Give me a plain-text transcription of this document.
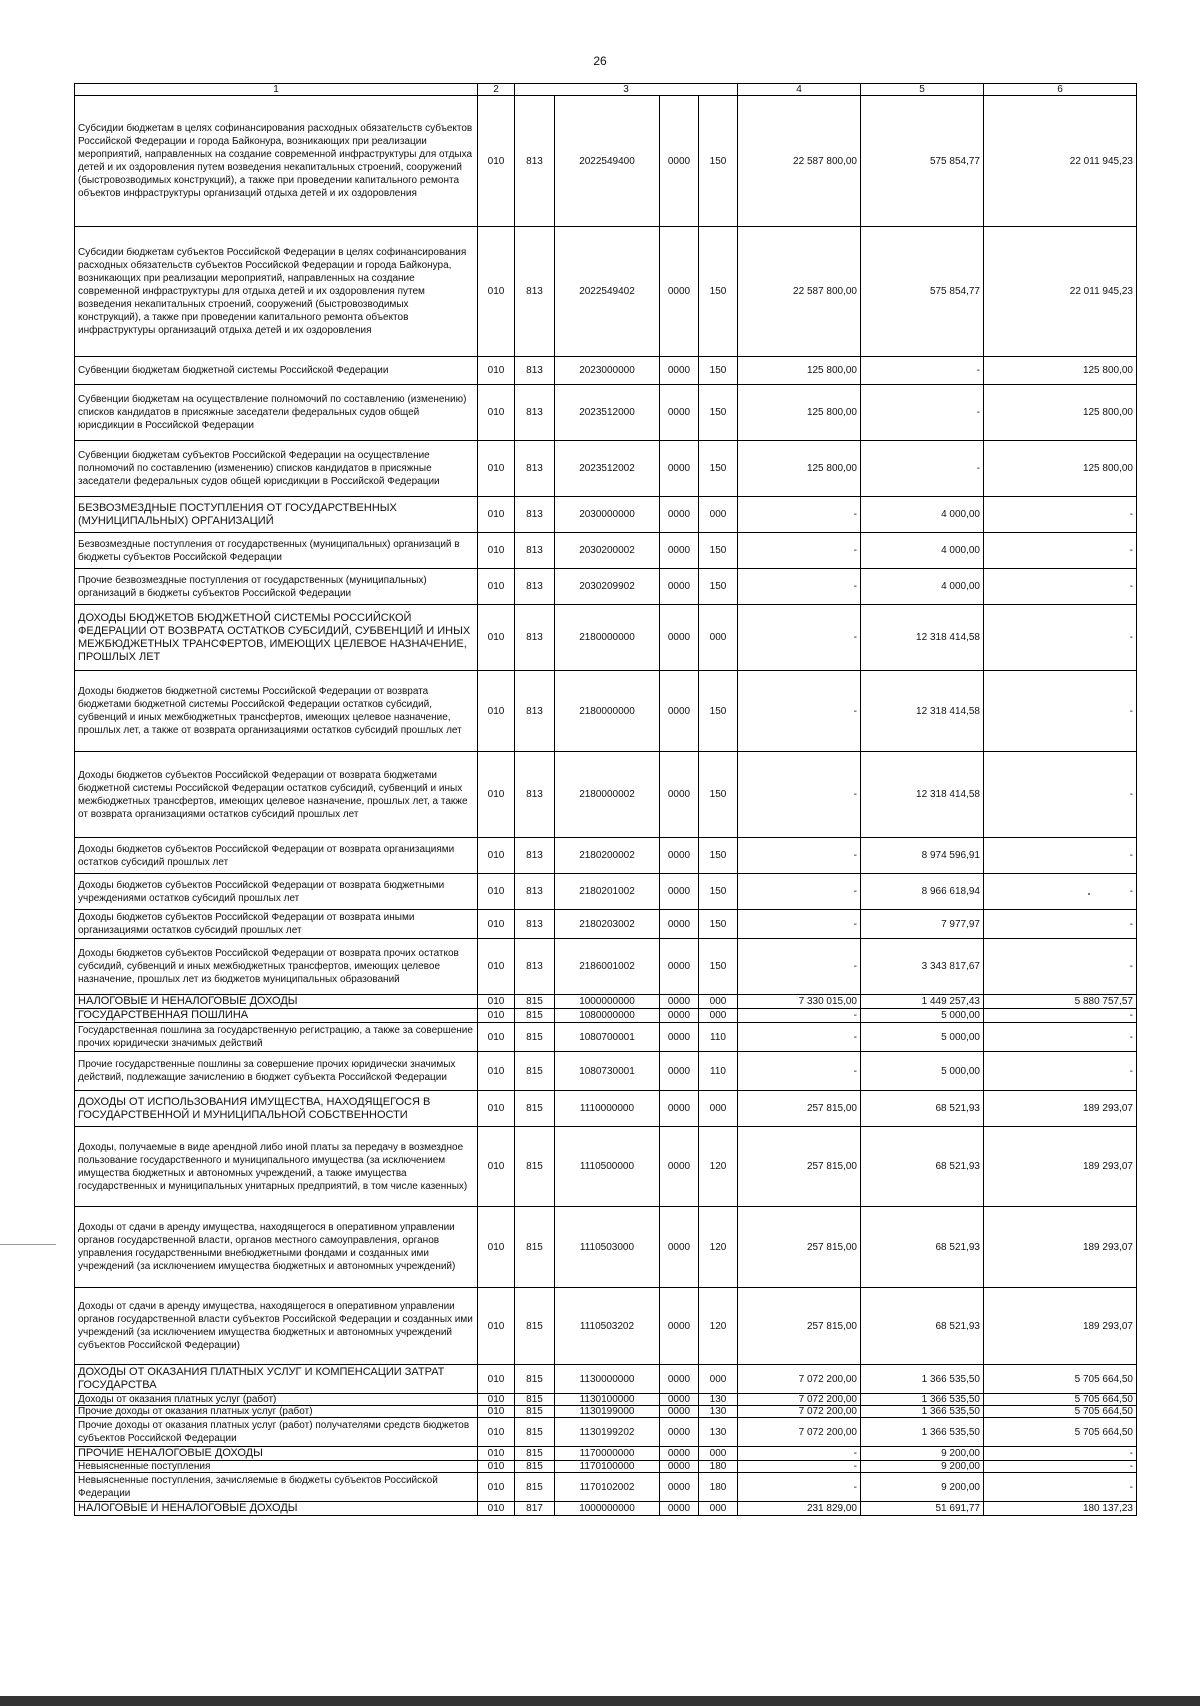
26
1	2	3				4	5	6
Субсидии бюджетам в целях софинансирования расходных обязательств субъектов Российской Федерации и города Байконура, возникающих при реализации мероприятий, направленных на создание современной инфраструктуры для отдыха детей и их оздоровления путем возведения некапитальных строений, сооружений (быстровозводимых конструкций), а также при проведении капитального ремонта объектов инфраструктуры организаций отдыха детей и их оздоровления	010	813	2022549400	0000	150	22 587 800,00	575 854,77	22 011 945,23
Субсидии бюджетам субъектов Российской Федерации в целях софинансирования расходных обязательств субъектов Российской Федерации и города Байконура, возникающих при реализации мероприятий, направленных на создание современной инфраструктуры для отдыха детей и их оздоровления путем возведения некапитальных строений, сооружений (быстровозводимых конструкций), а также при проведении капитального ремонта объектов инфраструктуры организаций отдыха детей и их оздоровления	010	813	2022549402	0000	150	22 587 800,00	575 854,77	22 011 945,23
Субвенции бюджетам бюджетной системы Российской Федерации	010	813	2023000000	0000	150	125 800,00	-	125 800,00
Субвенции бюджетам на осуществление полномочий по составлению (изменению) списков кандидатов в присяжные заседатели федеральных судов общей юрисдикции в Российской Федерации	010	813	2023512000	0000	150	125 800,00	-	125 800,00
Субвенции бюджетам субъектов Российской Федерации на осуществление полномочий по составлению (изменению) списков кандидатов в присяжные заседатели федеральных судов общей юрисдикции в Российской Федерации	010	813	2023512002	0000	150	125 800,00	-	125 800,00
БЕЗВОЗМЕЗДНЫЕ ПОСТУПЛЕНИЯ ОТ ГОСУДАРСТВЕННЫХ (МУНИЦИПАЛЬНЫХ) ОРГАНИЗАЦИЙ	010	813	2030000000	0000	000	-	4 000,00	-
Безвозмездные поступления от государственных (муниципальных) организаций в бюджеты субъектов Российской Федерации	010	813	2030200002	0000	150	-	4 000,00	-
Прочие безвозмездные поступления от государственных (муниципальных) организаций в бюджеты субъектов Российской Федерации	010	813	2030209902	0000	150	-	4 000,00	-
ДОХОДЫ БЮДЖЕТОВ БЮДЖЕТНОЙ СИСТЕМЫ РОССИЙСКОЙ ФЕДЕРАЦИИ ОТ ВОЗВРАТА ОСТАТКОВ СУБСИДИЙ, СУБВЕНЦИЙ И ИНЫХ МЕЖБЮДЖЕТНЫХ ТРАНСФЕРТОВ, ИМЕЮЩИХ ЦЕЛЕВОЕ НАЗНАЧЕНИЕ, ПРОШЛЫХ ЛЕТ	010	813	2180000000	0000	000	-	12 318 414,58	-
Доходы бюджетов бюджетной системы Российской Федерации от возврата бюджетами бюджетной системы Российской Федерации остатков субсидий, субвенций и иных межбюджетных трансфертов, имеющих целевое назначение, прошлых лет, а также от возврата организациями остатков субсидий прошлых лет	010	813	2180000000	0000	150	-	12 318 414,58	-
Доходы бюджетов субъектов Российской Федерации от возврата бюджетами бюджетной системы Российской Федерации остатков субсидий, субвенций и иных межбюджетных трансфертов, имеющих целевое назначение, прошлых лет, а также от возврата организациями остатков субсидий прошлых лет	010	813	2180000002	0000	150	-	12 318 414,58	-
Доходы бюджетов субъектов Российской Федерации от возврата организациями остатков субсидий прошлых лет	010	813	2180200002	0000	150	-	8 974 596,91	-
Доходы бюджетов субъектов Российской Федерации от возврата бюджетными учреждениями остатков субсидий прошлых лет	010	813	2180201002	0000	150	-	8 966 618,94	-
Доходы бюджетов субъектов Российской Федерации от возврата иными организациями остатков субсидий прошлых лет	010	813	2180203002	0000	150	-	7 977,97	-
Доходы бюджетов субъектов Российской Федерации от возврата прочих остатков субсидий, субвенций и иных межбюджетных трансфертов, имеющих целевое назначение, прошлых лет из бюджетов муниципальных образований	010	813	2186001002	0000	150	-	3 343 817,67	-
НАЛОГОВЫЕ И НЕНАЛОГОВЫЕ ДОХОДЫ	010	815	1000000000	0000	000	7 330 015,00	1 449 257,43	5 880 757,57
ГОСУДАРСТВЕННАЯ ПОШЛИНА	010	815	1080000000	0000	000	-	5 000,00	-
Государственная пошлина за государственную регистрацию, а также за совершение прочих юридически значимых действий	010	815	1080700001	0000	110	-	5 000,00	-
Прочие государственные пошлины за совершение прочих юридически значимых действий, подлежащие зачислению в бюджет субъекта Российской Федерации	010	815	1080730001	0000	110	-	5 000,00	-
ДОХОДЫ ОТ ИСПОЛЬЗОВАНИЯ ИМУЩЕСТВА, НАХОДЯЩЕГОСЯ В ГОСУДАРСТВЕННОЙ И МУНИЦИПАЛЬНОЙ СОБСТВЕННОСТИ	010	815	1110000000	0000	000	257 815,00	68 521,93	189 293,07
Доходы, получаемые в виде арендной либо иной платы за передачу в возмездное пользование государственного и муниципального имущества (за исключением имущества бюджетных и автономных учреждений, а также имущества государственных и муниципальных унитарных предприятий, в том числе казенных)	010	815	1110500000	0000	120	257 815,00	68 521,93	189 293,07
Доходы от сдачи в аренду имущества, находящегося в оперативном управлении органов государственной власти, органов местного самоуправления, органов управления государственными внебюджетными фондами и созданных ими учреждений (за исключением имущества бюджетных и автономных учреждений)	010	815	1110503000	0000	120	257 815,00	68 521,93	189 293,07
Доходы от сдачи в аренду имущества, находящегося в оперативном управлении органов государственной власти субъектов Российской Федерации и созданных ими учреждений (за исключением имущества бюджетных и автономных учреждений субъектов Российской Федерации)	010	815	1110503202	0000	120	257 815,00	68 521,93	189 293,07
ДОХОДЫ ОТ ОКАЗАНИЯ ПЛАТНЫХ УСЛУГ И КОМПЕНСАЦИИ ЗАТРАТ ГОСУДАРСТВА	010	815	1130000000	0000	000	7 072 200,00	1 366 535,50	5 705 664,50
Доходы от оказания платных услуг (работ)	010	815	1130100000	0000	130	7 072 200,00	1 366 535,50	5 705 664,50
Прочие доходы от оказания платных услуг (работ)	010	815	1130199000	0000	130	7 072 200,00	1 366 535,50	5 705 664,50
Прочие доходы от оказания платных услуг (работ) получателями средств бюджетов субъектов Российской Федерации	010	815	1130199202	0000	130	7 072 200,00	1 366 535,50	5 705 664,50
ПРОЧИЕ НЕНАЛОГОВЫЕ ДОХОДЫ	010	815	1170000000	0000	000	-	9 200,00	-
Невыясненные поступления	010	815	1170100000	0000	180	-	9 200,00	-
Невыясненные поступления, зачисляемые в бюджеты субъектов Российской Федерации	010	815	1170102002	0000	180	-	9 200,00	-
НАЛОГОВЫЕ И НЕНАЛОГОВЫЕ ДОХОДЫ	010	817	1000000000	0000	000	231 829,00	51 691,77	180 137,23
